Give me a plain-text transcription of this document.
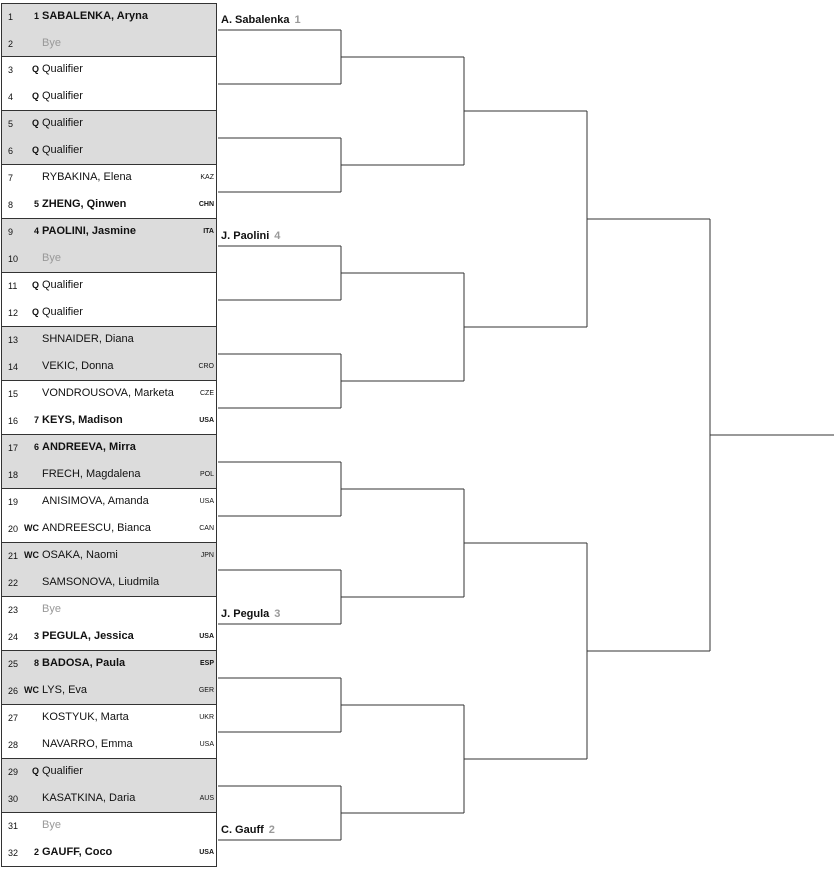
1	1 SABALENKA, Aryna
2	Bye
3	Q Qualifier
4	Q Qualifier
5	Q Qualifier
6	Q Qualifier
7	RYBAKINA, Elena	KAZ
8	5 ZHENG, Qinwen	CHN
9	4 PAOLINI, Jasmine	ITA
10 Bye
11	Q Qualifier
12	Q Qualifier
13 SHNAIDER, Diana
14 VEKIC, Donna	CRO
15 VONDROUSOVA, Marketa	CZE
16	7 KEYS, Madison	USA
17	6 ANDREEVA, Mirra
18 FRECH, Magdalena	POL
19 ANISIMOVA, Amanda	USA
20 WC ANDREESCU, Bianca	CAN
21 WC OSAKA, Naomi	JPN
22 SAMSONOVA, Liudmila
23 Bye
24	3 PEGULA, Jessica	USA
25	8 BADOSA, Paula	ESP
26 WC LYS, Eva	GER
27 KOSTYUK, Marta	UKR
28 NAVARRO, Emma	USA
29	Q Qualifier
30 KASATKINA, Daria	AUS
31 Bye
32	2 GAUFF, Coco	USA
A. Sabalenka 1
J. Paolini 4
J. Pegula 3
C. Gauff 2
